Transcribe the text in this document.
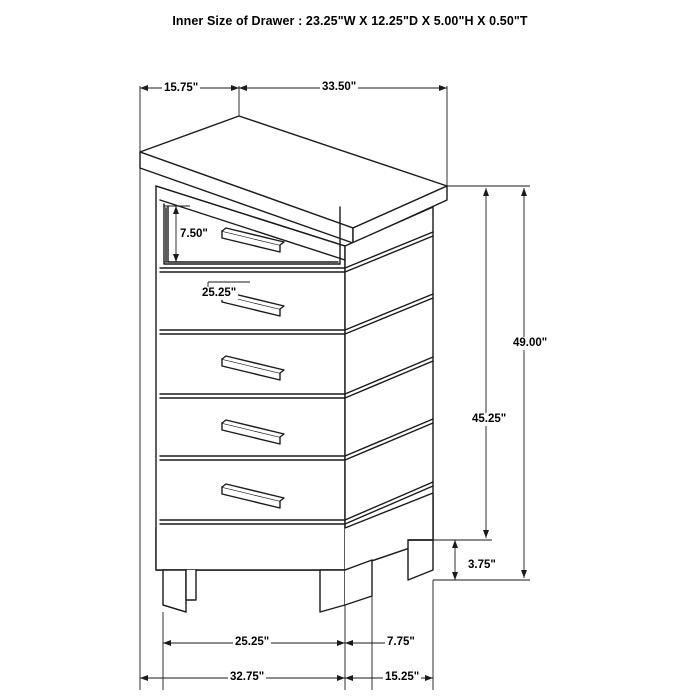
Inner Size of Drawer : 23.25"W X 12.25"D X 5.00"H X 0.50"T
15.75"	33.50"
7.50"
25.25"
49.00"
45.25"
3.75"
25.25"	7.75"
32.75"	15.25"
